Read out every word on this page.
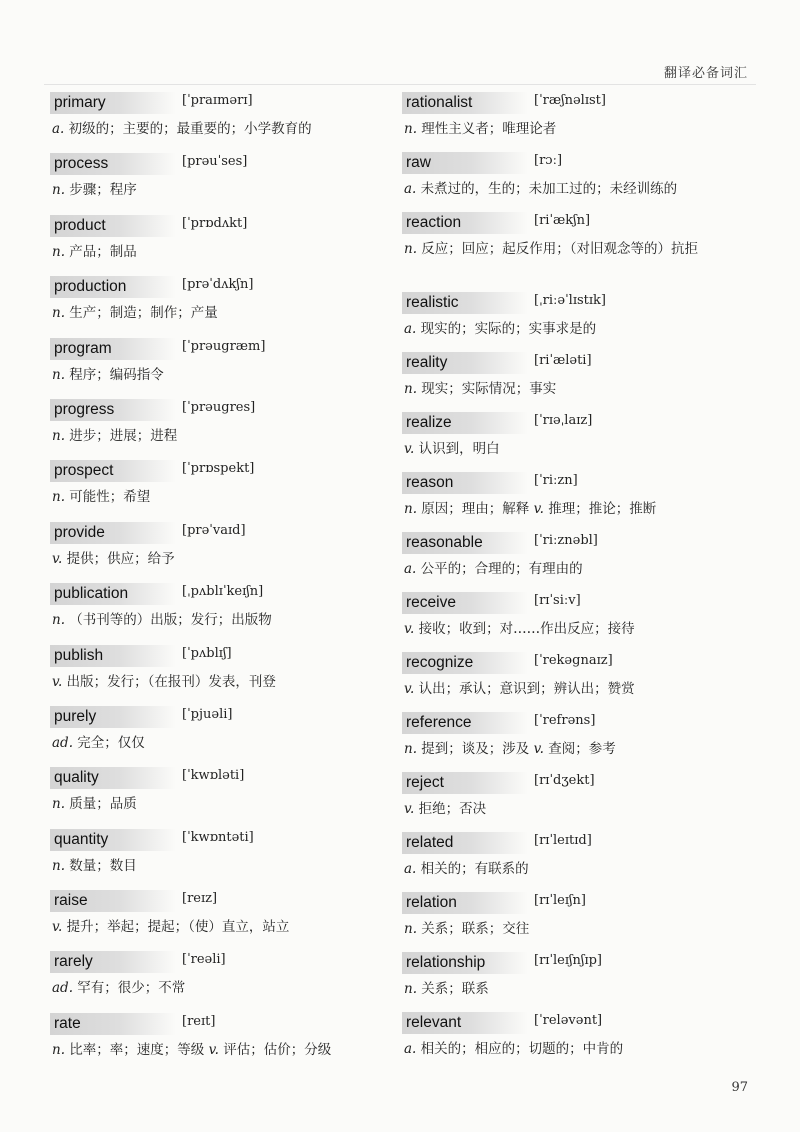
翻译必备词汇
primary	[ˈpraɪmərɪ]
a. 初级的；主要的；最重要的；小学教育的
process	[prəuˈses]
n. 步骤；程序
product	[ˈprɒdʌkt]
n. 产品；制品
production	[prəˈdʌkʃn]
n. 生产；制造；制作；产量
program	[ˈprəugræm]
n. 程序；编码指令
progress	[ˈprəugres]
n. 进步；进展；进程
prospect	[ˈprɒspekt]
n. 可能性；希望
provide	[prəˈvaɪd]
v. 提供；供应；给予
publication	[ˌpʌblɪˈkeɪʃn]
n. （书刊等的）出版；发行；出版物
publish	[ˈpʌblɪʃ]
v. 出版；发行；（在报刊）发表，刊登
purely	[ˈpjuəli]
ad. 完全；仅仅
quality	[ˈkwɒləti]
n. 质量；品质
quantity	[ˈkwɒntəti]
n. 数量；数目
raise	[reɪz]
v. 提升；举起；提起；（使）直立，站立
rarely	[ˈreəli]
ad. 罕有；很少；不常
rate	[reɪt]
n. 比率；率；速度；等级 v. 评估；估价；分级
rationalist	[ˈræʃnəlɪst]
n. 理性主义者；唯理论者
raw	[rɔː]
a. 未煮过的，生的；未加工过的；未经训练的
reaction	[riˈækʃn]
n. 反应；回应；起反作用；（对旧观念等的）抗拒
realistic	[ˌriːəˈlɪstɪk]
a. 现实的；实际的；实事求是的
reality	[riˈæləti]
n. 现实；实际情况；事实
realize	[ˈrɪəˌlaɪz]
v. 认识到，明白
reason	[ˈriːzn]
n. 原因；理由；解释 v. 推理；推论；推断
reasonable	[ˈriːznəbl]
a. 公平的；合理的；有理由的
receive	[rɪˈsiːv]
v. 接收；收到；对……作出反应；接待
recognize	[ˈrekəgnaɪz]
v. 认出；承认；意识到；辨认出；赞赏
reference	[ˈrefrəns]
n. 提到；谈及；涉及 v. 查阅；参考
reject	[rɪˈdʒekt]
v. 拒绝；否决
related	[rɪˈleɪtɪd]
a. 相关的；有联系的
relation	[rɪˈleɪʃn]
n. 关系；联系；交往
relationship	[rɪˈleɪʃnʃɪp]
n. 关系；联系
relevant	[ˈreləvənt]
a. 相关的；相应的；切题的；中肯的
97
